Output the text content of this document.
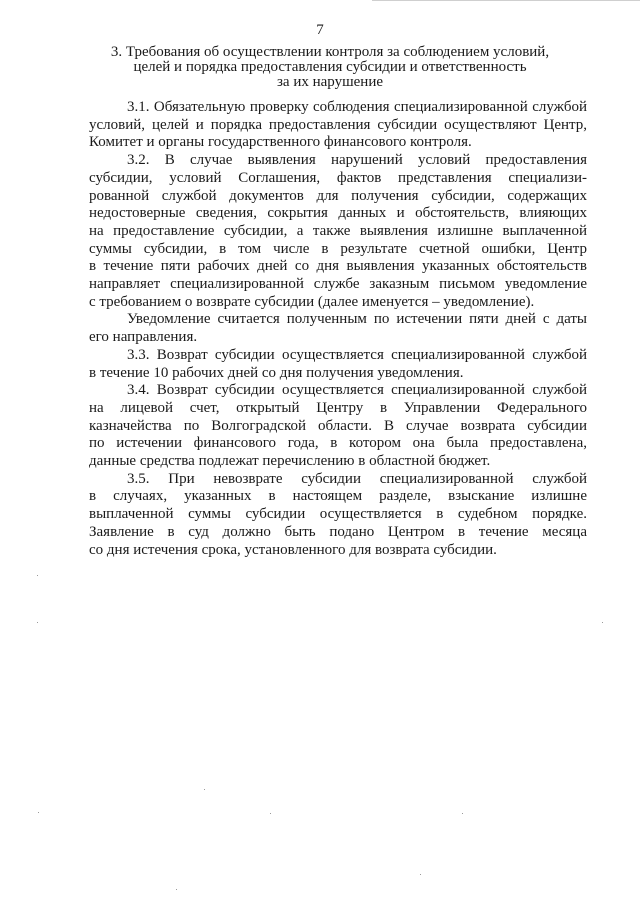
7
3. Требования об осуществлении контроля за соблюдением условий,
целей и порядка предоставления субсидии и ответственность
за их нарушение
3.1. Обязательную проверку соблюдения специализированной службой
условий, целей и порядка предоставления субсидии осуществляют Центр,
Комитет и органы государственного финансового контроля.
3.2. В случае выявления нарушений условий предоставления
субсидии, условий Соглашения, фактов представления специализи-
рованной службой документов для получения субсидии, содержащих
недостоверные сведения, сокрытия данных и обстоятельств, влияющих
на предоставление субсидии, а также выявления излишне выплаченной
суммы субсидии, в том числе в результате счетной ошибки, Центр
в течение пяти рабочих дней со дня выявления указанных обстоятельств
направляет специализированной службе заказным письмом уведомление
с требованием о возврате субсидии (далее именуется – уведомление).
Уведомление считается полученным по истечении пяти дней с даты
его направления.
3.3. Возврат субсидии осуществляется специализированной службой
в течение 10 рабочих дней со дня получения уведомления.
3.4. Возврат субсидии осуществляется специализированной службой
на лицевой счет, открытый Центру в Управлении Федерального
казначейства по Волгоградской области. В случае возврата субсидии
по истечении финансового года, в котором она была предоставлена,
данные средства подлежат перечислению в областной бюджет.
3.5. При невозврате субсидии специализированной службой
в случаях, указанных в настоящем разделе, взыскание излишне
выплаченной суммы субсидии осуществляется в судебном порядке.
Заявление в суд должно быть подано Центром в течение месяца
со дня истечения срока, установленного для возврата субсидии.
